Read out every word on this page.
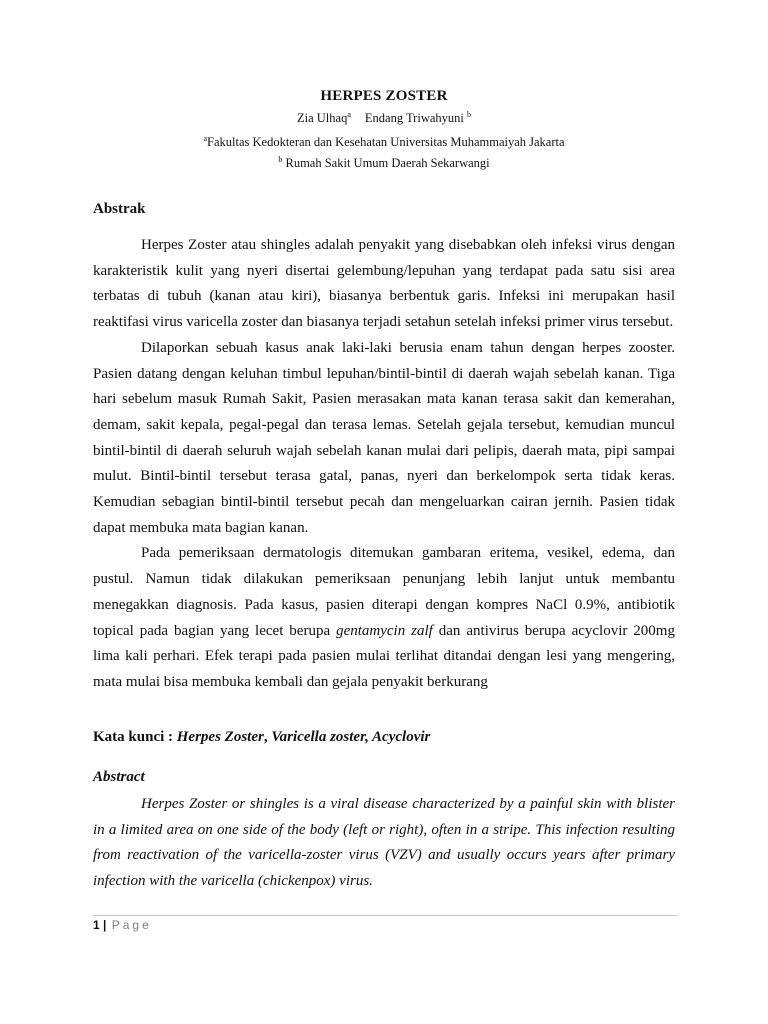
HERPES ZOSTER
Zia Ulhaq$^a$ Endang Triwahyuni $^b$
$^a$Fakultas Kedokteran dan Kesehatan Universitas Muhammaiyah Jakarta
$^b$ Rumah Sakit Umum Daerah Sekarwangi
Abstrak

Herpes Zoster atau shingles adalah penyakit yang disebabkan oleh infeksi virus dengan karakteristik kulit yang nyeri disertai gelembung/lepuhan yang terdapat pada satu sisi area terbatas di tubuh (kanan atau kiri), biasanya berbentuk garis. Infeksi ini merupakan hasil reaktifasi virus varicella zoster dan biasanya terjadi setahun setelah infeksi primer virus tersebut.

Dilaporkan sebuah kasus anak laki-laki berusia enam tahun dengan herpes zooster. Pasien datang dengan keluhan timbul lepuhan/bintil-bintil di daerah wajah sebelah kanan. Tiga hari sebelum masuk Rumah Sakit, Pasien merasakan mata kanan terasa sakit dan kemerahan, demam, sakit kepala, pegal-pegal dan terasa lemas. Setelah gejala tersebut, kemudian muncul bintil-bintil di daerah seluruh wajah sebelah kanan mulai dari pelipis, daerah mata, pipi sampai mulut. Bintil-bintil tersebut terasa gatal, panas, nyeri dan berkelompok serta tidak keras. Kemudian sebagian bintil-bintil tersebut pecah dan mengeluarkan cairan jernih. Pasien tidak dapat membuka mata bagian kanan.

Pada pemeriksaan dermatologis ditemukan gambaran eritema, vesikel, edema, dan pustul. Namun tidak dilakukan pemeriksaan penunjang lebih lanjut untuk membantu menegakkan diagnosis. Pada kasus, pasien diterapi dengan kompres NaCl 0.9%, antibiotik topical pada bagian yang lecet berupa gentamycin zalf dan antivirus berupa acyclovir 200mg lima kali perhari. Efek terapi pada pasien mulai terlihat ditandai dengan lesi yang mengering, mata mulai bisa membuka kembali dan gejala penyakit berkurang

Kata kunci : Herpes Zoster, Varicella zoster, Acyclovir
Abstract

Herpes Zoster or shingles is a viral disease characterized by a painful skin with blister in a limited area on one side of the body (left or right), often in a stripe. This infection resulting from reactivation of the varicella-zoster virus (VZV) and usually occurs years after primary infection with the varicella (chickenpox) virus.

1 | Page
